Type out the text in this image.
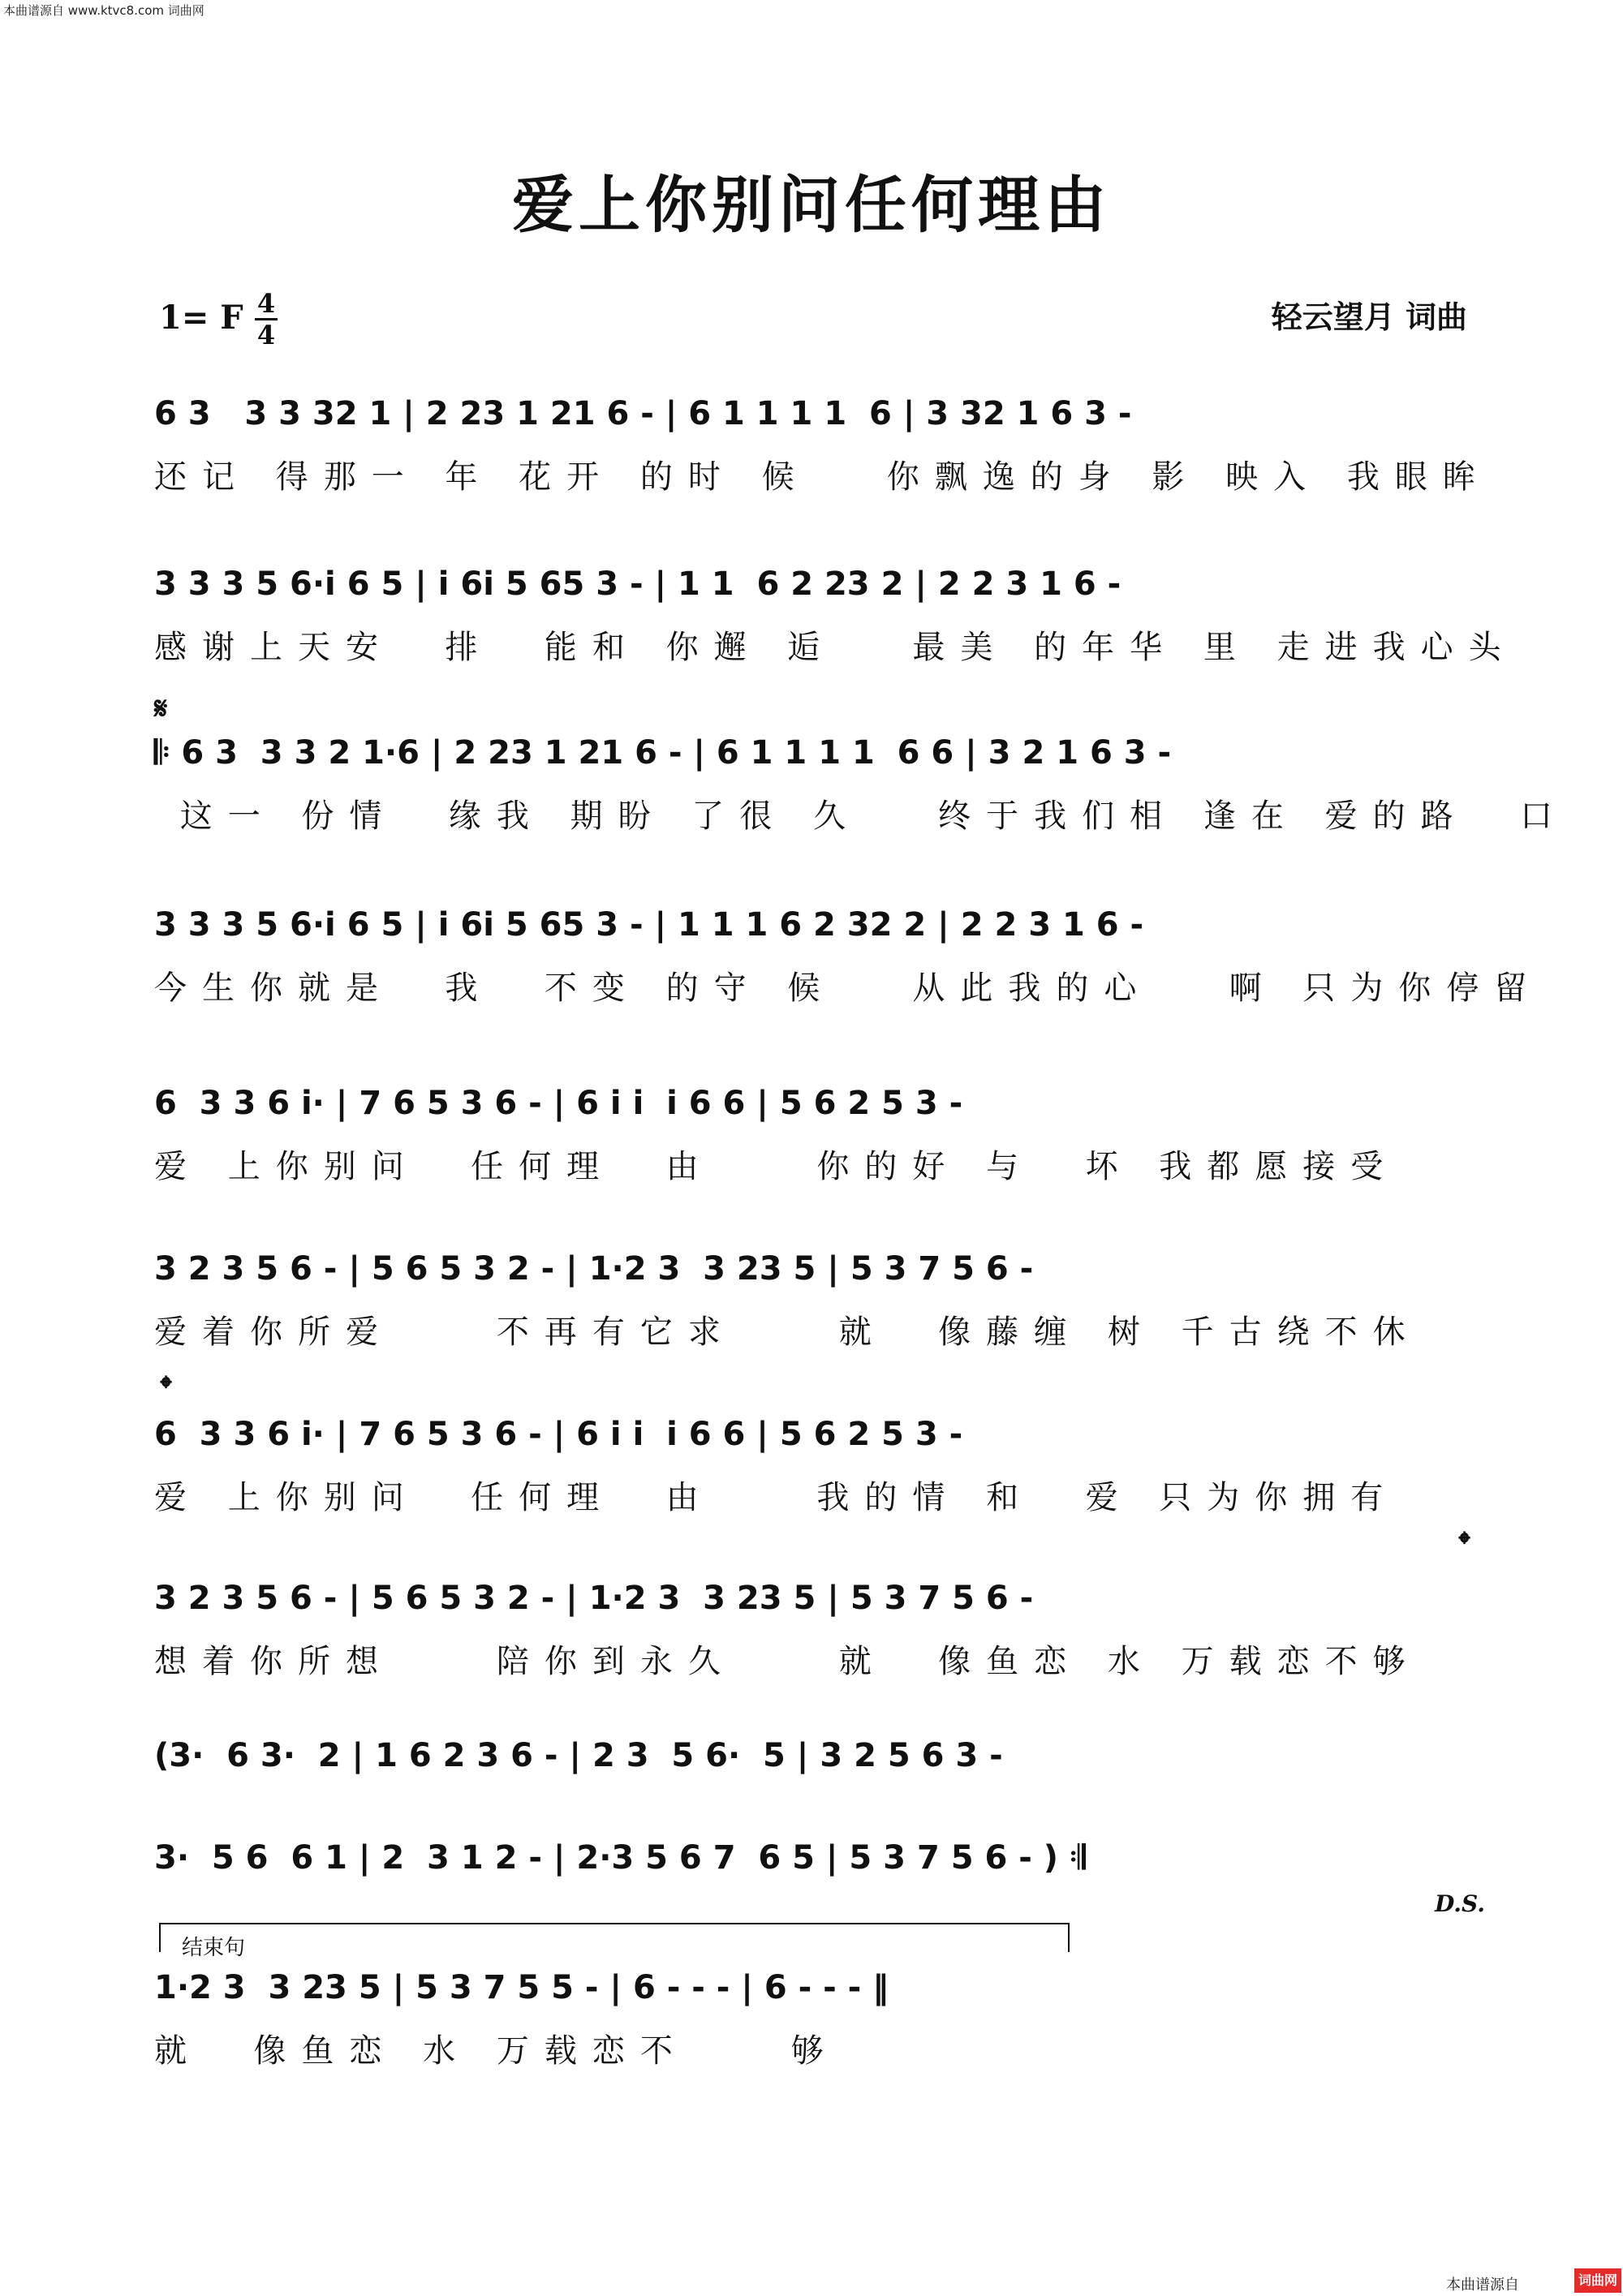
本曲谱源自 www.ktvc8.com 词曲网
爱上你别问任何理由
1= F 4
4	轻云望月 词曲
6 3   3 3 32 1 | 2 23 1 21 6 - | 6 1 1 1 1  6 | 3 32 1 6 3 -
还记 得那一 年 花开 的时 候   你飘逸的身 影 映入 我眼眸
3 3 3 5 6·i 6 5 | i 6i 5 65 3 - | 1 1  6 2 23 2 | 2 2 3 1 6 -
感谢上天安  排  能和 你邂 逅   最美 的年华 里 走进我心头
𝄋
𝄆 6 3  3 3 2 1·6 | 2 23 1 21 6 - | 6 1 1 1 1  6 6 | 3 2 1 6 3 -
这一 份情  缘我 期盼 了很 久   终于我们相 逢在 爱的路  口
3 3 3 5 6·i 6 5 | i 6i 5 65 3 - | 1 1 1 6 2 32 2 | 2 2 3 1 6 -
今生你就是  我  不变 的守 候   从此我的心   啊 只为你停留
6  3 3 6 i· | 7 6 5 3 6 - | 6 i i  i 6 6 | 5 6 2 5 3 -
爱 上你别问  任何理  由    你的好 与  坏 我都愿接受
3 2 3 5 6 - | 5 6 5 3 2 - | 1·2 3  3 23 5 | 5 3 7 5 6 -
爱着你所爱    不再有它求    就  像藤缠 树 千古绕不休
𝄌
6  3 3 6 i· | 7 6 5 3 6 - | 6 i i  i 6 6 | 5 6 2 5 3 -
爱 上你别问  任何理  由    我的情 和  爱 只为你拥有
𝄌
3 2 3 5 6 - | 5 6 5 3 2 - | 1·2 3  3 23 5 | 5 3 7 5 6 -
想着你所想    陪你到永久    就  像鱼恋 水 万载恋不够
(3·  6 3·  2 | 1 6 2 3 6 - | 2 3  5 6·  5 | 3 2 5 6 3 -
3·  5 6  6 1 | 2  3 1 2 - | 2·3 5 6 7  6 5 | 5 3 7 5 6 - ) 𝄇
D.S.
结束句
1·2 3  3 23 5 | 5 3 7 5 5 - | 6 - - - | 6 - - - ‖
就  像鱼恋 水 万载恋不    够
本曲谱源自	词曲网
